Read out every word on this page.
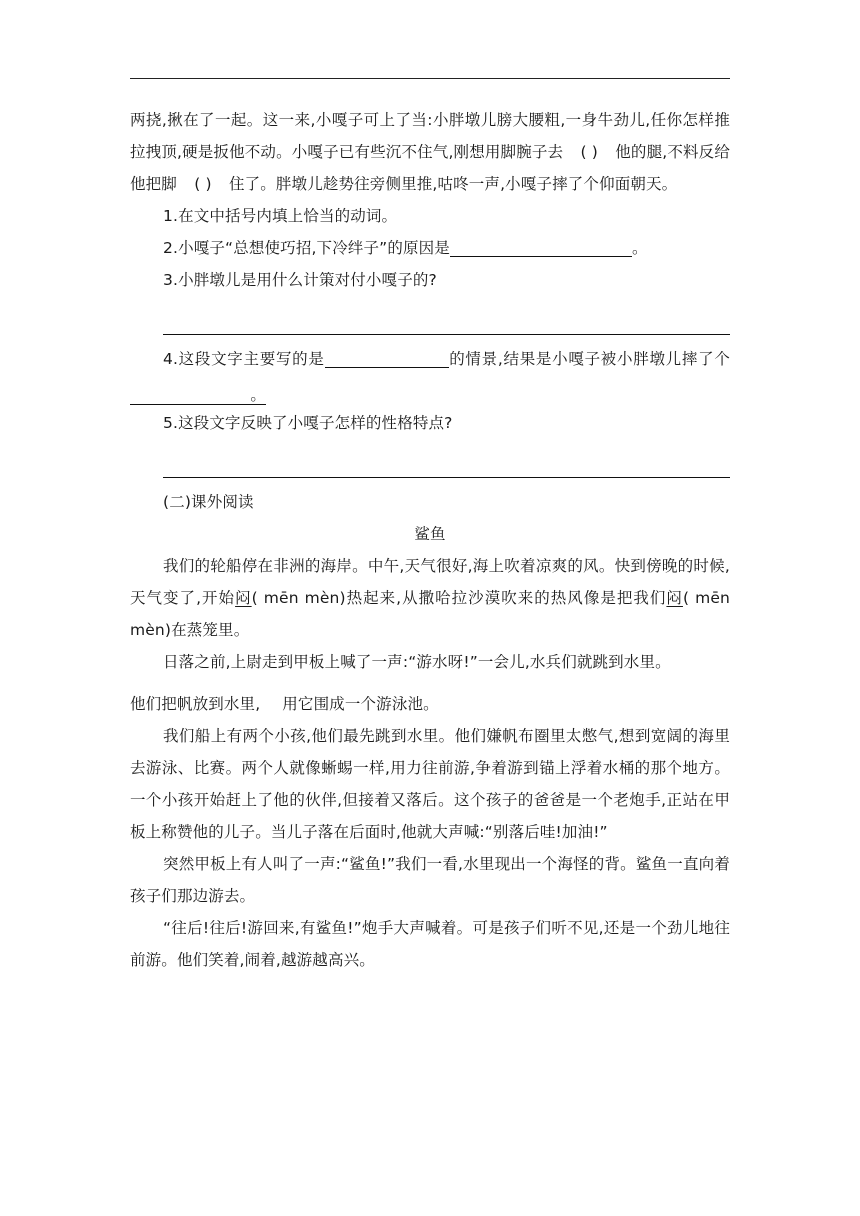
两挠,揪在了一起。这一来,小嘎子可上了当:小胖墩儿膀大腰粗,一身牛劲儿,任你怎样推拉拽顶,硬是扳他不动。小嘎子已有些沉不住气,刚想用脚腕子去 ( ) 他的腿,不料反给他把脚 ( ) 住了。胖墩儿趁势往旁侧里推,咕咚一声,小嘎子摔了个仰面朝天。

1.在文中括号内填上恰当的动词。

2.小嘎子“总想使巧招,下冷绊子”的原因是	。

3.小胖墩儿是用什么计策对付小嘎子的?

4.这段文字主要写的是	的情景,结果是小嘎子被小胖墩儿摔了个。

5.这段文字反映了小嘎子怎样的性格特点?

(二)课外阅读

鲨鱼

我们的轮船停在非洲的海岸。中午,天气很好,海上吹着凉爽的风。快到傍晚的时候,天气变了,开始闷( mēn mèn)热起来,从撒哈拉沙漠吹来的热风像是把我们闷( mēn mèn)在蒸笼里。

日落之前,上尉走到甲板上喊了一声:“游水呀!”一会儿,水兵们就跳到水里。

他们把帆放到水里, 用它围成一个游泳池。

我们船上有两个小孩,他们最先跳到水里。他们嫌帆布圈里太憋气,想到宽阔的海里去游泳、比赛。两个人就像蜥蜴一样,用力往前游,争着游到锚上浮着水桶的那个地方。一个小孩开始赶上了他的伙伴,但接着又落后。这个孩子的爸爸是一个老炮手,正站在甲板上称赞他的儿子。当儿子落在后面时,他就大声喊:“别落后哇!加油!”

突然甲板上有人叫了一声:“鲨鱼!”我们一看,水里现出一个海怪的背。鲨鱼一直向着孩子们那边游去。

“往后!往后!游回来,有鲨鱼!”炮手大声喊着。可是孩子们听不见,还是一个劲儿地往前游。他们笑着,闹着,越游越高兴。
